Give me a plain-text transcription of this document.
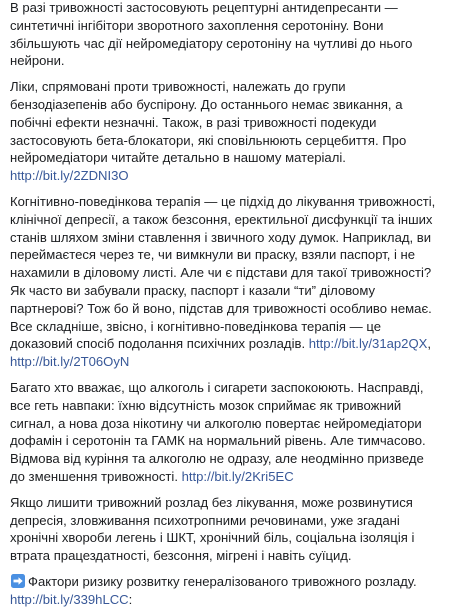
В разі тривожності застосовують рецептурні антидепресанти — синтетичні інгібітори зворотного захоплення серотоніну. Вони збільшують час дії нейромедіатору серотоніну на чутливі до нього нейрони.
Ліки, спрямовані проти тривожності, належать до групи бензодіазепенів або буспірону. До останнього немає звикання, а побічні ефекти незначні. Також, в разі тривожності подекуди застосовують бета-блокатори, які сповільнюють серцебиття. Про нейромедіатори читайте детально в нашому матеріалі. http://bit.ly/2ZDNI3O
Когнітивно-поведінкова терапія — це підхід до лікування тривожності, клінічної депресії, а також безсоння, еректильної дисфункції та інших станів шляхом зміни ставлення і звичного ходу думок. Наприклад, ви переймаєтеся через те, чи вимкнули ви праску, взяли паспорт, і не нахамили в діловому листі. Але чи є підстави для такої тривожності? Як часто ви забували праску, паспорт і казали “ти” діловому партнерові? Тож бо й воно, підстав для тривожності особливо немає. Все складніше, звісно, і когнітивно-поведінкова терапія — це доказовий спосіб подолання психічних розладів. http://bit.ly/31ap2QX, http://bit.ly/2T06OyN
Багато хто вважає, що алкоголь і сигарети заспокоюють. Насправді, все геть навпаки: їхню відсутність мозок сприймає як тривожний сигнал, а нова доза нікотину чи алкоголю повертає нейромедіатори дофамін і серотонін та ГАМК на нормальний рівень. Але тимчасово. Відмова від куріння та алкоголю не одразу, але неодмінно призведе до зменшення тривожності. http://bit.ly/2Kri5EC
Якщо лишити тривожний розлад без лікування, може розвинутися депресія, зловживання психотропними речовинами, уже згадані хронічні хвороби легень і ШКТ, хронічний біль, соціальна ізоляція і втрата працездатності, безсоння, мігрені і навіть суїцид.
Фактори ризику розвитку генералізованого тривожного розладу. http://bit.ly/339hLCC:
